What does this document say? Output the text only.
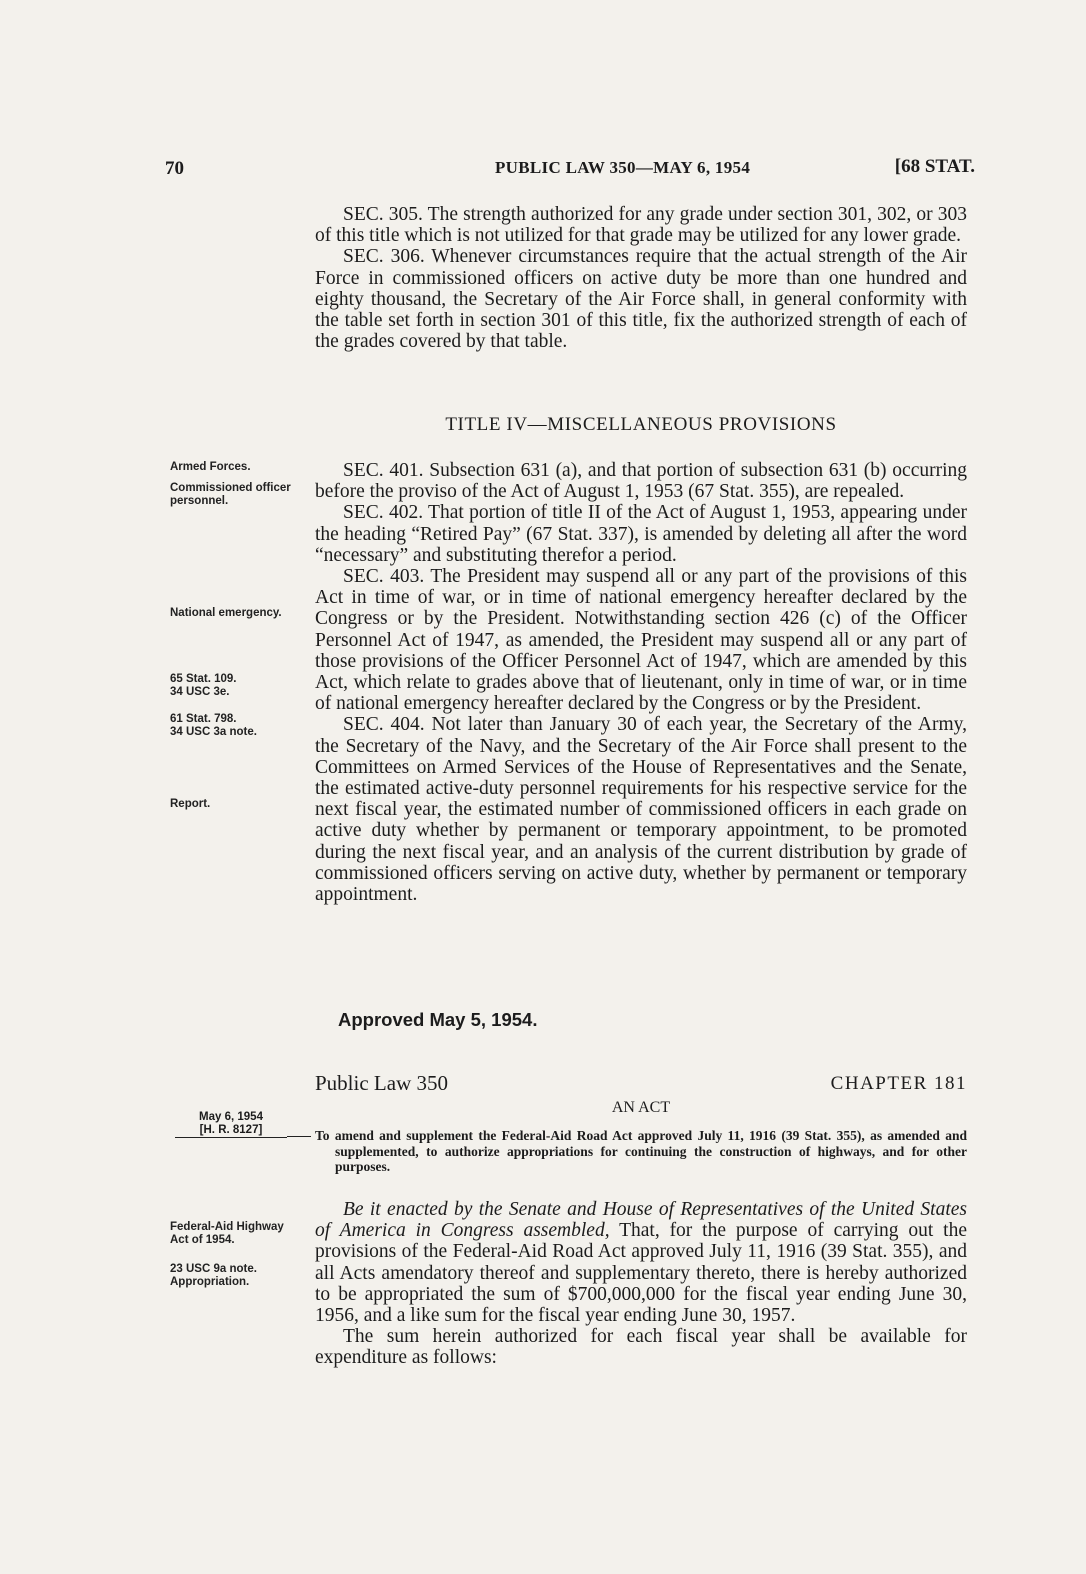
70	PUBLIC LAW 350—MAY 6, 1954	[68 STAT.

SEC. 305. The strength authorized for any grade under section 301, 302, or 303 of this title which is not utilized for that grade may be utilized for any lower grade.

SEC. 306. Whenever circumstances require that the actual strength of the Air Force in commissioned officers on active duty be more than one hundred and eighty thousand, the Secretary of the Air Force shall, in general conformity with the table set forth in section 301 of this title, fix the authorized strength of each of the grades covered by that table.

TITLE IV—MISCELLANEOUS PROVISIONS

SEC. 401. Subsection 631 (a), and that portion of subsection 631 (b) occurring before the proviso of the Act of August 1, 1953 (67 Stat. 355), are repealed.

SEC. 402. That portion of title II of the Act of August 1, 1953, appearing under the heading “Retired Pay” (67 Stat. 337), is amended by deleting all after the word “necessary” and substituting therefor a period.

SEC. 403. The President may suspend all or any part of the provisions of this Act in time of war, or in time of national emergency hereafter declared by the Congress or by the President. Notwithstanding section 426 (c) of the Officer Personnel Act of 1947, as amended, the President may suspend all or any part of those provisions of the Officer Personnel Act of 1947, which are amended by this Act, which relate to grades above that of lieutenant, only in time of war, or in time of national emergency hereafter declared by the Congress or by the President.

SEC. 404. Not later than January 30 of each year, the Secretary of the Army, the Secretary of the Navy, and the Secretary of the Air Force shall present to the Committees on Armed Services of the House of Representatives and the Senate, the estimated active-duty personnel requirements for his respective service for the next fiscal year, the estimated number of commissioned officers in each grade on active duty whether by permanent or temporary appointment, to be promoted during the next fiscal year, and an analysis of the current distribution by grade of commissioned officers serving on active duty, whether by permanent or temporary appointment.

Approved May 5, 1954.
Armed Forces.
Commissioned officer personnel.
National emergency.
65 Stat. 109.
34 USC 3e.
61 Stat. 798.
34 USC 3a note.
Report.
Public Law 350	CHAPTER 181
AN ACT
May 6, 1954
[H. R. 8127]	To amend and supplement the Federal-Aid Road Act approved July 11, 1916 (39 Stat. 355), as amended and supplemented, to authorize appropriations for continuing the construction of highways, and for other purposes.

Federal-Aid Highway Act of 1954.
23 USC 9a note.
Appropriation.

Be it enacted by the Senate and House of Representatives of the United States of America in Congress assembled, That, for the purpose of carrying out the provisions of the Federal-Aid Road Act approved July 11, 1916 (39 Stat. 355), and all Acts amendatory thereof and supplementary thereto, there is hereby authorized to be appropriated the sum of $700,000,000 for the fiscal year ending June 30, 1956, and a like sum for the fiscal year ending June 30, 1957.

The sum herein authorized for each fiscal year shall be available for expenditure as follows:
